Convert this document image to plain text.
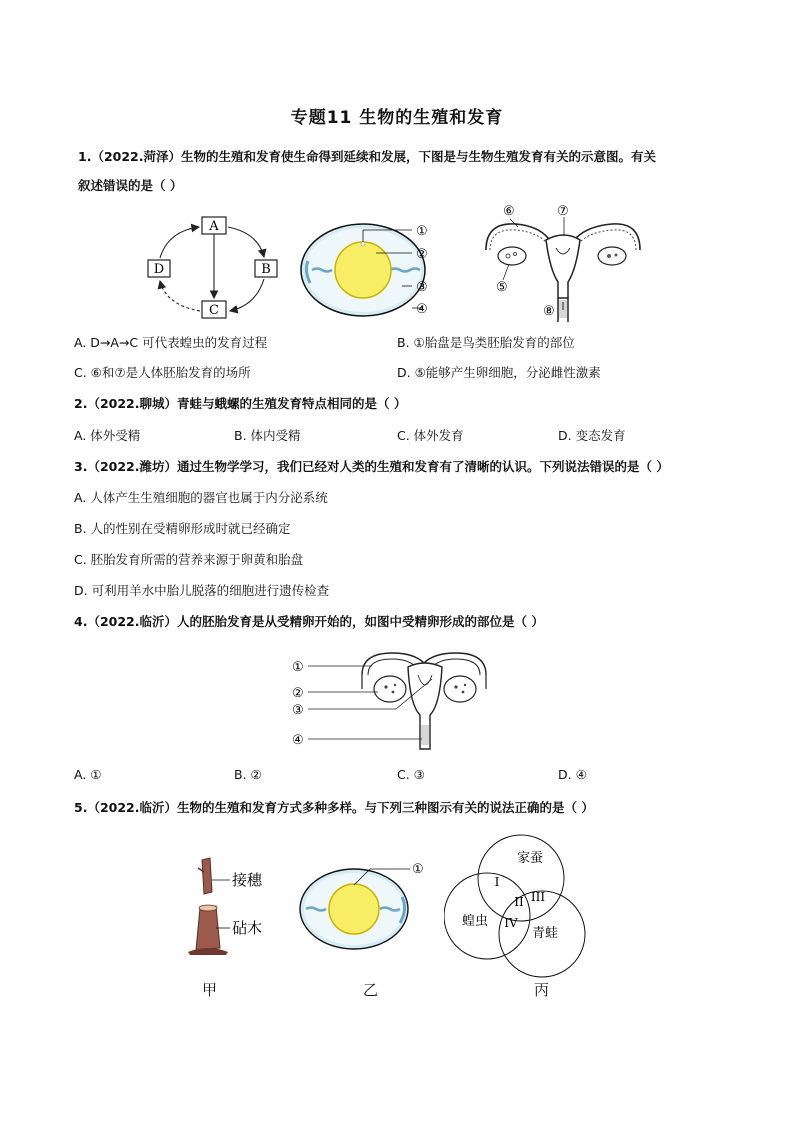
专题11 生物的生殖和发育
1.（2022.菏泽）生物的生殖和发育使生命得到延续和发展，下图是与生物生殖发育有关的示意图。有关
叙述错误的是（ ）
A
B
C
D
①
②
③
④
⑥	⑦
⑤
⑧
A. D→A→C 可代表蝗虫的发育过程	B. ①胎盘是鸟类胚胎发育的部位
C. ⑥和⑦是人体胚胎发育的场所	D. ⑤能够产生卵细胞，分泌雌性激素
2.（2022.聊城）青蛙与蛾螺的生殖发育特点相同的是（ ）
A. 体外受精	B. 体内受精	C. 体外发育	D. 变态发育
3.（2022.潍坊）通过生物学学习，我们已经对人类的生殖和发育有了清晰的认识。下列说法错误的是（ ）
A. 人体产生生殖细胞的器官也属于内分泌系统
B. 人的性别在受精卵形成时就已经确定
C. 胚胎发育所需的营养来源于卵黄和胎盘
D. 可利用羊水中胎儿脱落的细胞进行遗传检查
4.（2022.临沂）人的胚胎发育是从受精卵开始的，如图中受精卵形成的部位是（ ）
①
②
③
④
A. ①	B. ②	C. ③	D. ④
5.（2022.临沂）生物的生殖和发育方式多种多样。与下列三种图示有关的说法正确的是（ ）
接穗
砧木
①
家蚕
蝗虫
青蛙
I
II III
IV
甲	乙	丙
